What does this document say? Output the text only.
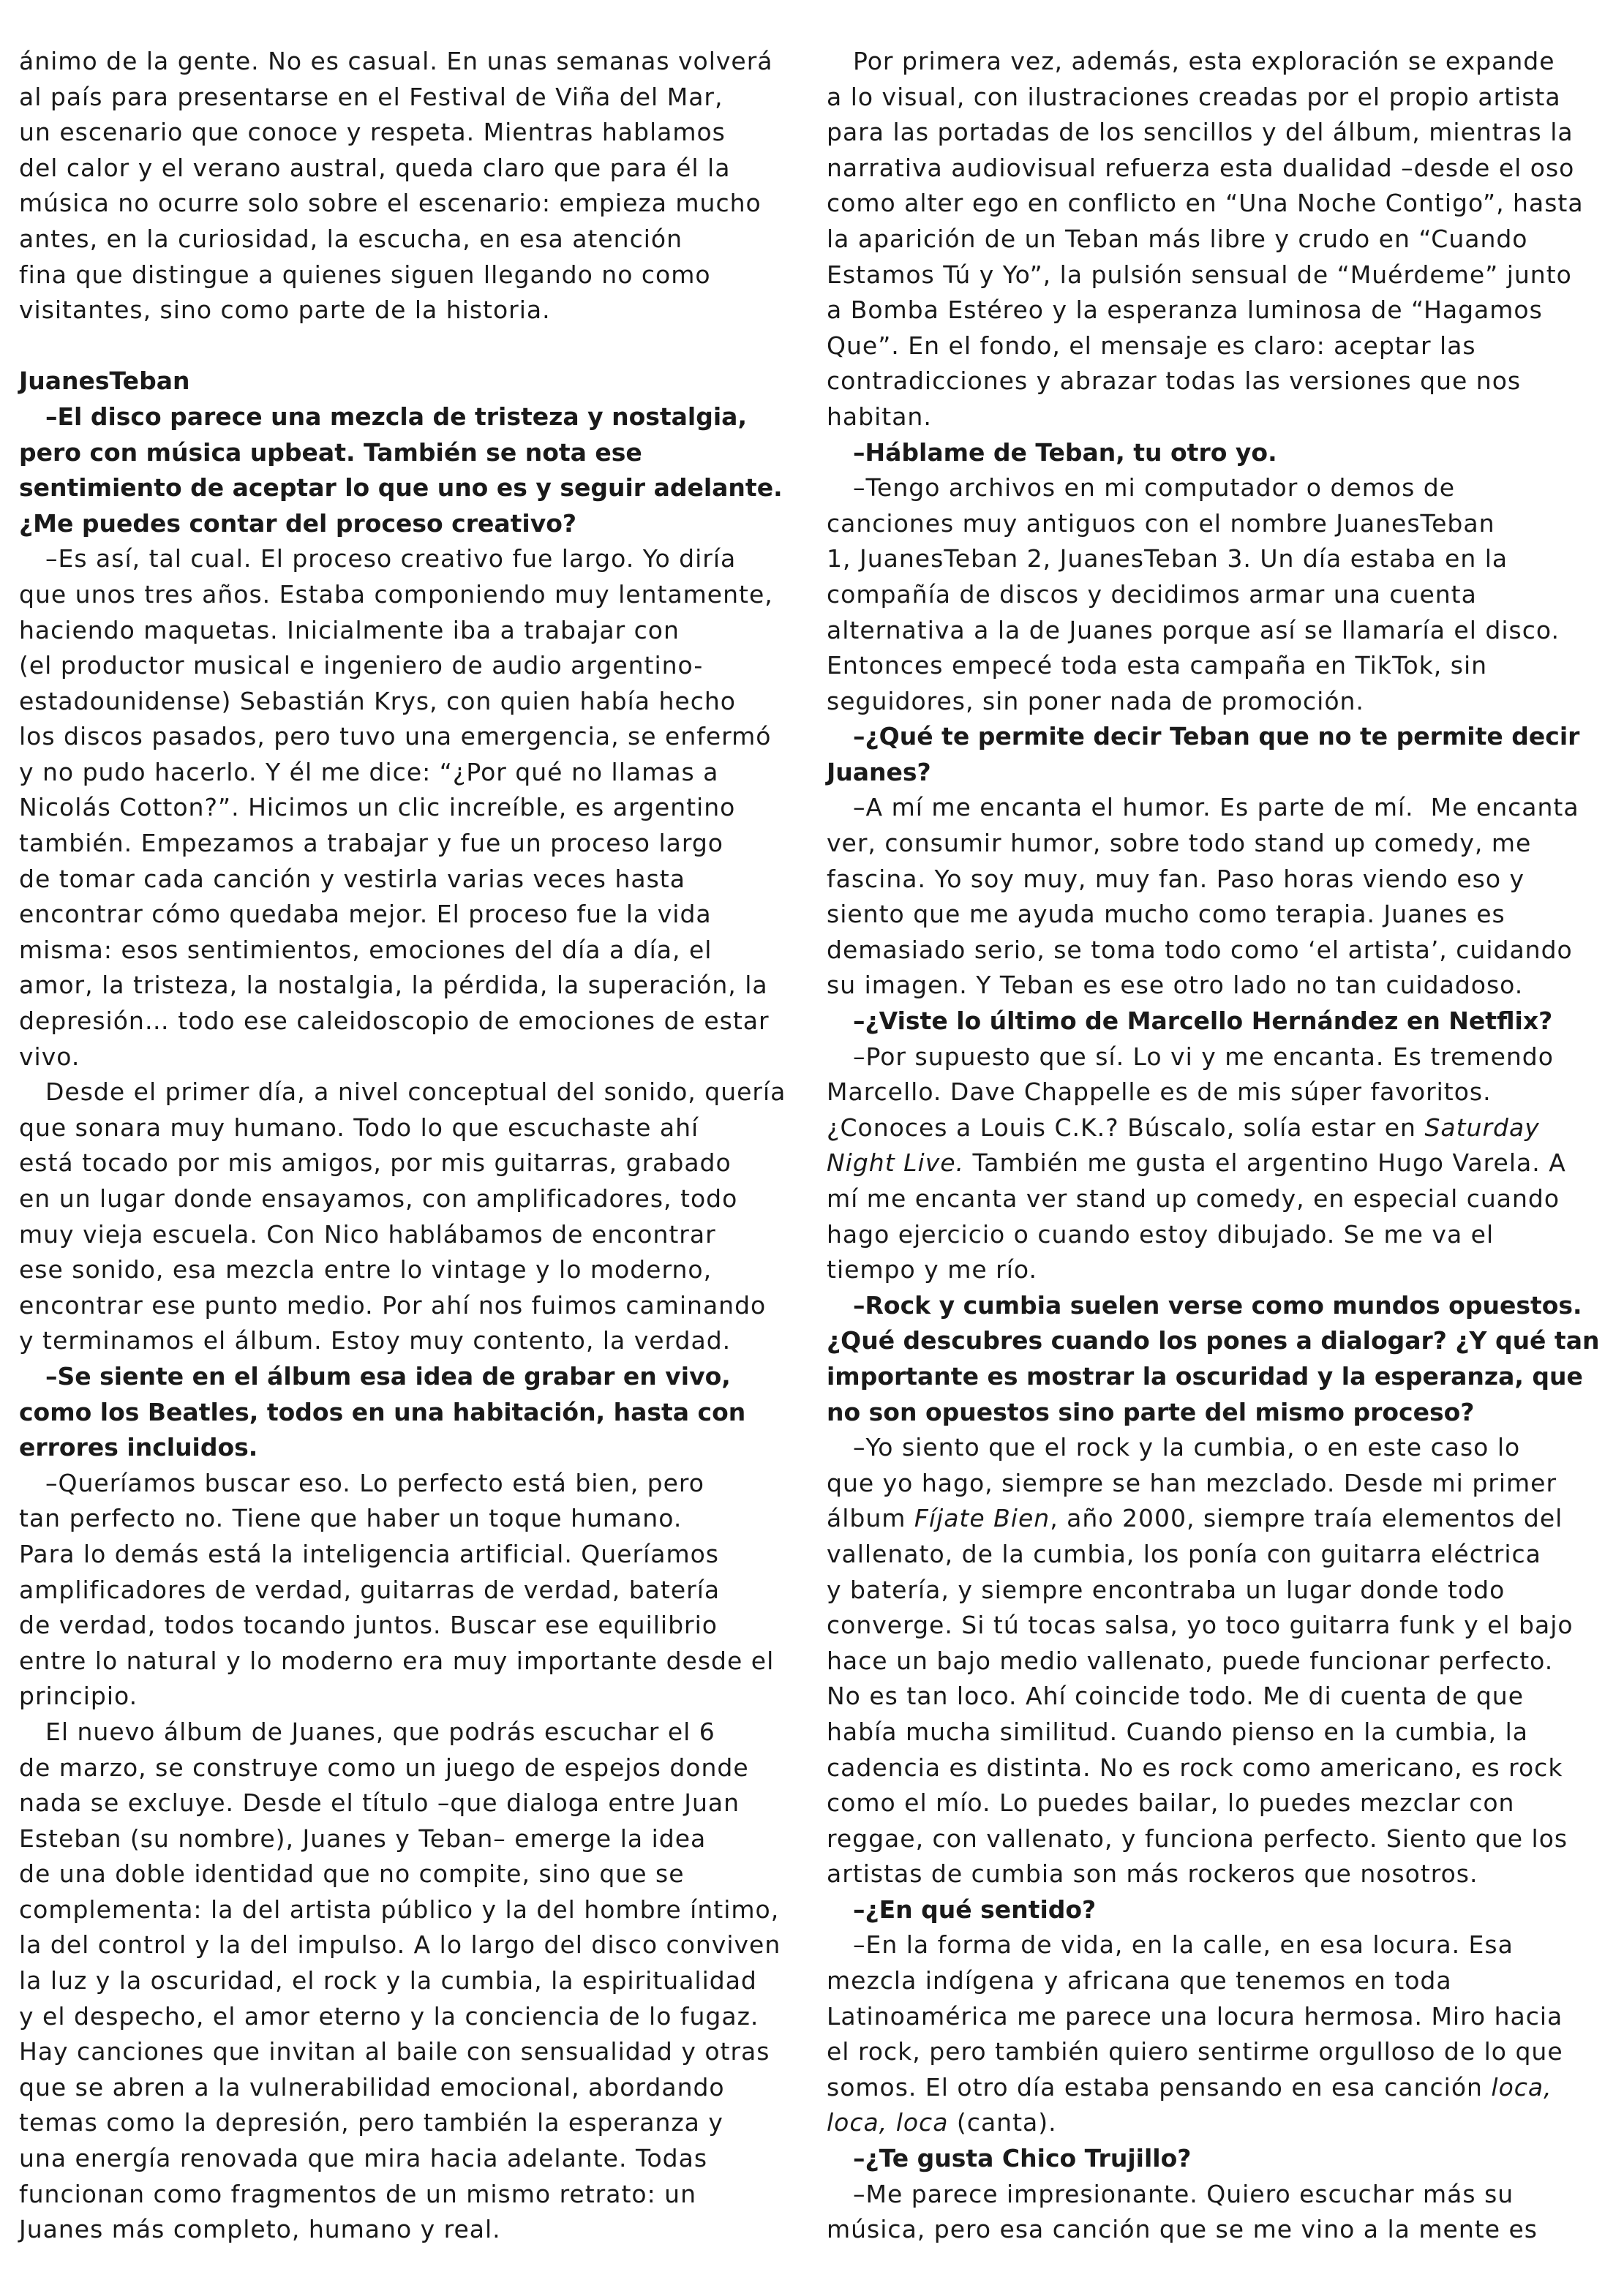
ánimo de la gente. No es casual. En unas semanas volverá
al país para presentarse en el Festival de Viña del Mar,
un escenario que conoce y respeta. Mientras hablamos
del calor y el verano austral, queda claro que para él la
música no ocurre solo sobre el escenario: empieza mucho
antes, en la curiosidad, la escucha, en esa atención
fina que distingue a quienes siguen llegando no como
visitantes, sino como parte de la historia.
JuanesTeban
–El disco parece una mezcla de tristeza y nostalgia,
pero con música upbeat. También se nota ese
sentimiento de aceptar lo que uno es y seguir adelante.
¿Me puedes contar del proceso creativo?
–Es así, tal cual. El proceso creativo fue largo. Yo diría
que unos tres años. Estaba componiendo muy lentamente,
haciendo maquetas. Inicialmente iba a trabajar con
(el productor musical e ingeniero de audio argentino-
estadounidense) Sebastián Krys, con quien había hecho
los discos pasados, pero tuvo una emergencia, se enfermó
y no pudo hacerlo. Y él me dice: “¿Por qué no llamas a
Nicolás Cotton?”. Hicimos un clic increíble, es argentino
también. Empezamos a trabajar y fue un proceso largo
de tomar cada canción y vestirla varias veces hasta
encontrar cómo quedaba mejor. El proceso fue la vida
misma: esos sentimientos, emociones del día a día, el
amor, la tristeza, la nostalgia, la pérdida, la superación, la
depresión… todo ese caleidoscopio de emociones de estar
vivo.
Desde el primer día, a nivel conceptual del sonido, quería
que sonara muy humano. Todo lo que escuchaste ahí
está tocado por mis amigos, por mis guitarras, grabado
en un lugar donde ensayamos, con amplificadores, todo
muy vieja escuela. Con Nico hablábamos de encontrar
ese sonido, esa mezcla entre lo vintage y lo moderno,
encontrar ese punto medio. Por ahí nos fuimos caminando
y terminamos el álbum. Estoy muy contento, la verdad.
–Se siente en el álbum esa idea de grabar en vivo,
como los Beatles, todos en una habitación, hasta con
errores incluidos.
–Queríamos buscar eso. Lo perfecto está bien, pero
tan perfecto no. Tiene que haber un toque humano.
Para lo demás está la inteligencia artificial. Queríamos
amplificadores de verdad, guitarras de verdad, batería
de verdad, todos tocando juntos. Buscar ese equilibrio
entre lo natural y lo moderno era muy importante desde el
principio.
El nuevo álbum de Juanes, que podrás escuchar el 6
de marzo, se construye como un juego de espejos donde
nada se excluye. Desde el título –que dialoga entre Juan
Esteban (su nombre), Juanes y Teban– emerge la idea
de una doble identidad que no compite, sino que se
complementa: la del artista público y la del hombre íntimo,
la del control y la del impulso. A lo largo del disco conviven
la luz y la oscuridad, el rock y la cumbia, la espiritualidad
y el despecho, el amor eterno y la conciencia de lo fugaz.
Hay canciones que invitan al baile con sensualidad y otras
que se abren a la vulnerabilidad emocional, abordando
temas como la depresión, pero también la esperanza y
una energía renovada que mira hacia adelante. Todas
funcionan como fragmentos de un mismo retrato: un
Juanes más completo, humano y real.
Por primera vez, además, esta exploración se expande
a lo visual, con ilustraciones creadas por el propio artista
para las portadas de los sencillos y del álbum, mientras la
narrativa audiovisual refuerza esta dualidad –desde el oso
como alter ego en conflicto en “Una Noche Contigo”, hasta
la aparición de un Teban más libre y crudo en “Cuando
Estamos Tú y Yo”, la pulsión sensual de “Muérdeme” junto
a Bomba Estéreo y la esperanza luminosa de “Hagamos
Que”. En el fondo, el mensaje es claro: aceptar las
contradicciones y abrazar todas las versiones que nos
habitan.
–Háblame de Teban, tu otro yo.
–Tengo archivos en mi computador o demos de
canciones muy antiguos con el nombre JuanesTeban
1, JuanesTeban 2, JuanesTeban 3. Un día estaba en la
compañía de discos y decidimos armar una cuenta
alternativa a la de Juanes porque así se llamaría el disco.
Entonces empecé toda esta campaña en TikTok, sin
seguidores, sin poner nada de promoción.
–¿Qué te permite decir Teban que no te permite decir
Juanes?
–A mí me encanta el humor. Es parte de mí.  Me encanta
ver, consumir humor, sobre todo stand up comedy, me
fascina. Yo soy muy, muy fan. Paso horas viendo eso y
siento que me ayuda mucho como terapia. Juanes es
demasiado serio, se toma todo como ‘el artista’, cuidando
su imagen. Y Teban es ese otro lado no tan cuidadoso.
–¿Viste lo último de Marcello Hernández en Netflix?
–Por supuesto que sí. Lo vi y me encanta. Es tremendo
Marcello. Dave Chappelle es de mis súper favoritos.
¿Conoces a Louis C.K.? Búscalo, solía estar en Saturday
Night Live. También me gusta el argentino Hugo Varela. A
mí me encanta ver stand up comedy, en especial cuando
hago ejercicio o cuando estoy dibujado. Se me va el
tiempo y me río.
–Rock y cumbia suelen verse como mundos opuestos.
¿Qué descubres cuando los pones a dialogar? ¿Y qué tan
importante es mostrar la oscuridad y la esperanza, que
no son opuestos sino parte del mismo proceso?
–Yo siento que el rock y la cumbia, o en este caso lo
que yo hago, siempre se han mezclado. Desde mi primer
álbum Fíjate Bien, año 2000, siempre traía elementos del
vallenato, de la cumbia, los ponía con guitarra eléctrica
y batería, y siempre encontraba un lugar donde todo
converge. Si tú tocas salsa, yo toco guitarra funk y el bajo
hace un bajo medio vallenato, puede funcionar perfecto.
No es tan loco. Ahí coincide todo. Me di cuenta de que
había mucha similitud. Cuando pienso en la cumbia, la
cadencia es distinta. No es rock como americano, es rock
como el mío. Lo puedes bailar, lo puedes mezclar con
reggae, con vallenato, y funciona perfecto. Siento que los
artistas de cumbia son más rockeros que nosotros.
–¿En qué sentido?
–En la forma de vida, en la calle, en esa locura. Esa
mezcla indígena y africana que tenemos en toda
Latinoamérica me parece una locura hermosa. Miro hacia
el rock, pero también quiero sentirme orgulloso de lo que
somos. El otro día estaba pensando en esa canción loca,
loca, loca (canta).
–¿Te gusta Chico Trujillo?
–Me parece impresionante. Quiero escuchar más su
música, pero esa canción que se me vino a la mente es
